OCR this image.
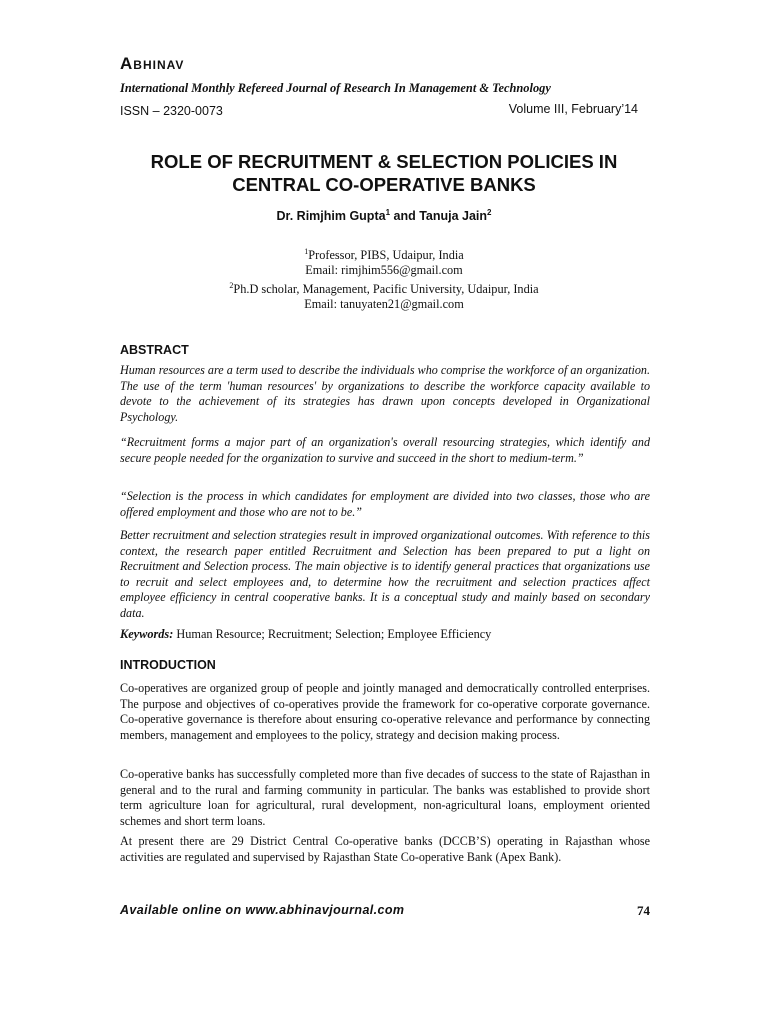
Abhinav
International Monthly Refereed Journal of Research In Management & Technology
ISSN – 2320-0073	Volume III, February’14
ROLE OF RECRUITMENT & SELECTION POLICIES IN
CENTRAL CO-OPERATIVE BANKS
Dr. Rimjhim Gupta$^1$ and Tanuja Jain$^2$
$^1$Professor, PIBS, Udaipur, India
Email: rimjhim556@gmail.com
$^2$Ph.D scholar, Management, Pacific University, Udaipur, India
Email: tanuyaten21@gmail.com
ABSTRACT

Human resources are a term used to describe the individuals who comprise the workforce of an organization. The use of the term 'human resources' by organizations to describe the workforce capacity available to devote to the achievement of its strategies has drawn upon concepts developed in Organizational Psychology.

“Recruitment forms a major part of an organization's overall resourcing strategies, which identify and secure people needed for the organization to survive and succeed in the short to medium-term.”

“Selection is the process in which candidates for employment are divided into two classes, those who are offered employment and those who are not to be.”

Better recruitment and selection strategies result in improved organizational outcomes. With reference to this context, the research paper entitled Recruitment and Selection has been prepared to put a light on Recruitment and Selection process. The main objective is to identify general practices that organizations use to recruit and select employees and, to determine how the recruitment and selection practices affect employee efficiency in central cooperative banks. It is a conceptual study and mainly based on secondary data.

Keywords: Human Resource; Recruitment; Selection; Employee Efficiency
INTRODUCTION

Co-operatives are organized group of people and jointly managed and democratically controlled enterprises. The purpose and objectives of co-operatives provide the framework for co-operative corporate governance. Co-operative governance is therefore about ensuring co-operative relevance and performance by connecting members, management and employees to the policy, strategy and decision making process.

Co-operative banks has successfully completed more than five decades of success to the state of Rajasthan in general and to the rural and farming community in particular. The banks was established to provide short term agriculture loan for agricultural, rural development, non-agricultural loans, employment oriented schemes and short term loans.

At present there are 29 District Central Co-operative banks (DCCB’S) operating in Rajasthan whose activities are regulated and supervised by Rajasthan State Co-operative Bank (Apex Bank).

Available online on www.abhinavjournal.com	74
